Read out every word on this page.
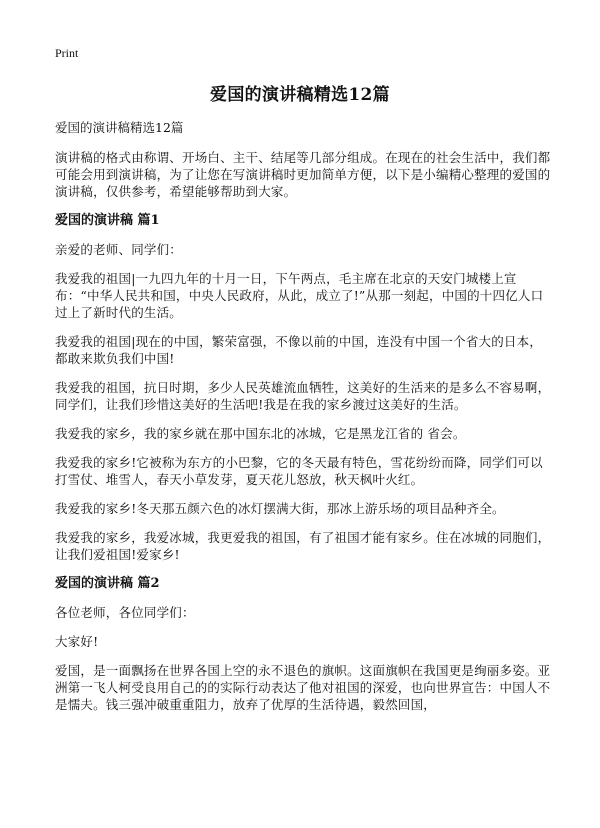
Print
爱国的演讲稿精选12篇
爱国的演讲稿精选12篇

演讲稿的格式由称谓、开场白、主干、结尾等几部分组成。在现在的社会生活中，我们都可能会用到演讲稿，为了让您在写演讲稿时更加简单方便，以下是小编精心整理的爱国的演讲稿，仅供参考，希望能够帮助到大家。

爱国的演讲稿 篇1

亲爱的老师、同学们：

我爱我的祖国|一九四九年的十月一日，下午两点，毛主席在北京的天安门城楼上宣布：“中华人民共和国，中央人民政府，从此，成立了!”从那一刻起，中国的十四亿人口过上了新时代的生活。

我爱我的祖国|现在的中国，繁荣富强，不像以前的中国，连没有中国一个省大的日本，都敢来欺负我们中国!

我爱我的祖国，抗日时期，多少人民英雄流血牺牲，这美好的生活来的是多么不容易啊，同学们，让我们珍惜这美好的生活吧!我是在我的家乡渡过这美好的生活。

我爱我的家乡，我的家乡就在那中国东北的冰城，它是黑龙江省的 省会。

我爱我的家乡!它被称为东方的小巴黎，它的冬天最有特色，雪花纷纷而降，同学们可以打雪仗、堆雪人，春天小草发芽，夏天花儿怒放，秋天枫叶火红。

我爱我的家乡!冬天那五颜六色的冰灯摆满大街，那冰上游乐场的项目品种齐全。

我爱我的家乡，我爱冰城，我更爱我的祖国，有了祖国才能有家乡。住在冰城的同胞们，让我们爱祖国!爱家乡!

爱国的演讲稿 篇2

各位老师，各位同学们：

大家好!

爱国，是一面飘扬在世界各国上空的永不退色的旗帜。这面旗帜在我国更是绚丽多姿。亚洲第一飞人柯受良用自己的的实际行动表达了他对祖国的深爱，也向世界宣告：中国人不是懦夫。钱三强冲破重重阻力，放弃了优厚的生活待遇，毅然回国，
